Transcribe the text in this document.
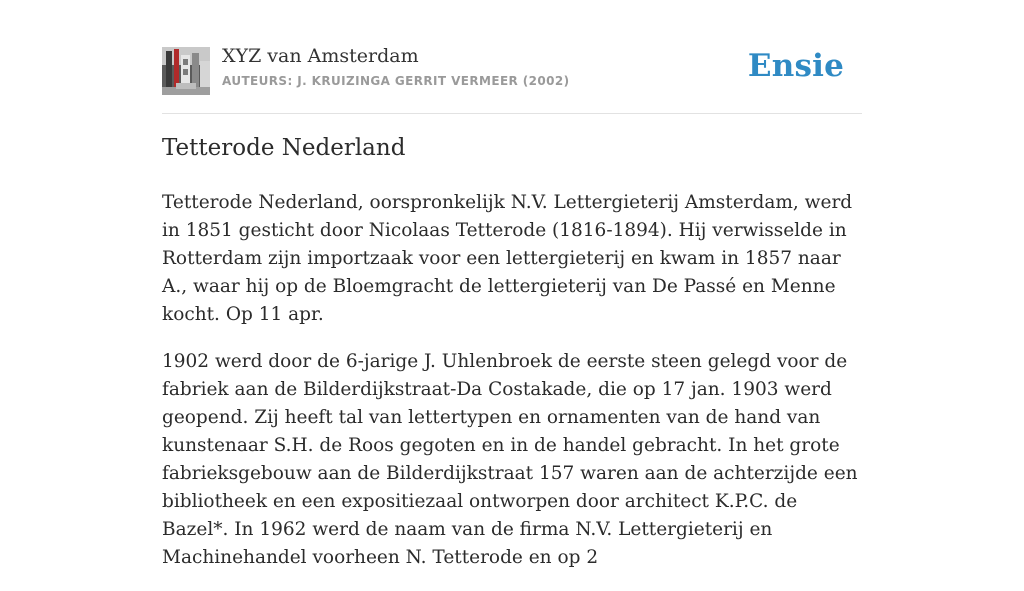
XYZ van Amsterdam
AUTEURS: J. KRUIZINGA GERRIT VERMEER (2002)	Ensie
Tetterode Nederland

Tetterode Nederland, oorspronkelijk N.V. Lettergieterij Amsterdam, werd in 1851 gesticht door Nicolaas Tetterode (1816-1894). Hij verwisselde in Rotterdam zijn importzaak voor een lettergieterij en kwam in 1857 naar A., waar hij op de Bloemgracht de lettergieterij van De Passé en Menne kocht. Op 11 apr.

1902 werd door de 6-jarige J. Uhlenbroek de eerste steen gelegd voor de fabriek aan de Bilderdijkstraat-Da Costakade, die op 17 jan. 1903 werd geopend. Zij heeft tal van lettertypen en ornamenten van de hand van kunstenaar S.H. de Roos gegoten en in de handel gebracht. In het grote fabrieksgebouw aan de Bilderdijkstraat 157 waren aan de achterzijde een bibliotheek en een expositiezaal ontworpen door architect K.P.C. de Bazel*. In 1962 werd de naam van de firma N.V. Lettergieterij en Machinehandel voorheen N. Tetterode en op 2
